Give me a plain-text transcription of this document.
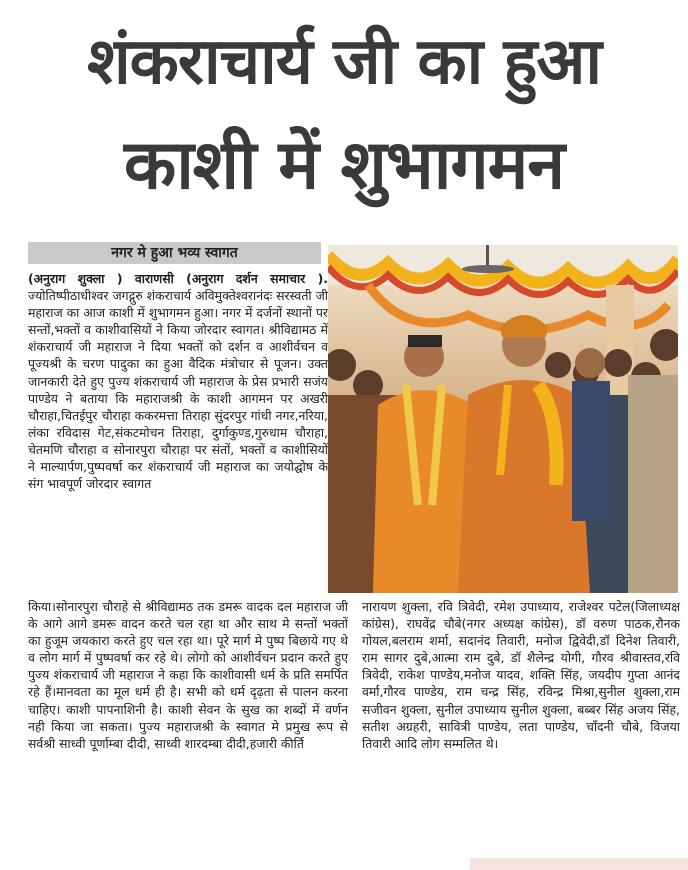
शंकराचार्य जी का हुआ
काशी में शुभागमन
नगर मे हुआ भव्य स्वागत

(अनुराग शुक्ला ) वाराणसी (अनुराग दर्शन समाचार ). ज्योतिष्पीठाधीश्वर जगद्गुरु शंकराचार्य अविमुक्तेश्वरानंदः सरस्वती जी महाराज का आज काशी में शुभागमन हुआ। नगर में दर्जनों स्थानों पर सन्तों,भक्तों व काशीवासियों ने किया जोरदार स्वागत। श्रीविद्यामठ में शंकराचार्य जी महाराज ने दिया भक्तों को दर्शन व आशीर्वचन व पूज्यश्री के चरण पादुका का हुआ वैदिक मंत्रोचार से पूजन। उक्त जानकारी देते हुए पुज्य शंकराचार्य जी महाराज के प्रेस प्रभारी सजंय पाण्डेय ने बताया कि महाराजश्री के काशी आगमन पर अखरी चौराहा,चितईपुर चौराहा ककरमत्ता तिराहा सुंदरपुर गांधी नगर,नरिया, लंका रविदास गेट,संकटमोचन तिराहा, दुर्गाकुण्ड,गुरुधाम चौराहा, चेतमणि चौराहा व सोनारपुरा चौराहा पर संतों, भक्तों व काशीसियों ने माल्यार्पण,पुष्पवर्षा कर शंकराचार्य जी महाराज का जयोद्घोष के संग भावपूर्ण जोरदार स्वागत

किया।सोनारपुरा चौराहे से श्रीविद्यामठ तक डमरू वादक दल महाराज जी के आगे आगे डमरू वादन करते चल रहा था और साथ मे सन्तों भक्तों का हुजूम जयकारा करते हुए चल रहा था। पूरे मार्ग मे पुष्प बिछाये गए थे व लोग मार्ग में पुष्पवर्षा कर रहे थे। लोगो को आशीर्वचन प्रदान करते हुए पुज्य शंकराचार्य जी महाराज ने कहा कि काशीवासी धर्म के प्रति समर्पित रहे हैं।मानवता का मूल धर्म ही है। सभी को धर्म दृढ़ता से पालन करना चाहिए। काशी पापनाशिनी है। काशी सेवन के सुख का शब्दों में वर्णन नही किया जा सकता। पुज्य महाराजश्री के स्वागत मे प्रमुख रूप से सर्वश्री साध्वी पूर्णाम्बा दीदी, साध्वी शारदम्बा दीदी,हजारी कीर्ति

नारायण शुक्ला, रवि त्रिवेदी, रमेश उपाध्याय, राजेश्वर पटेल(जिलाध्यक्ष कांग्रेस), राघवेंद्र चौबे(नगर अध्यक्ष कांग्रेस), डॉ वरुण पाठक,रौनक गोयल,बलराम शर्मा, सदानंद तिवारी, मनोज द्विवेदी,डॉ दिनेश तिवारी, राम सागर दुबे,आत्मा राम दुबे, डॉ शैलेन्द्र योगी, गौरव श्रीवास्तव,रवि त्रिवेदी, राकेश पाण्डेय,मनोज यादव, शक्ति सिंह, जयदीप गुप्ता आनंद वर्मा,गौरव पाण्डेय, राम चन्द्र सिंह, रविन्द्र मिश्रा,सुनील शुक्ला,राम सजीवन शुक्ला, सुनील उपाध्याय सुनील शुक्ला, बब्बर सिंह अजय सिंह, सतीश अग्रहरी, सावित्री पाण्डेय, लता पाण्डेय, चाँदनी चौबे, विजया तिवारी आदि लोग सम्मलित थे।
